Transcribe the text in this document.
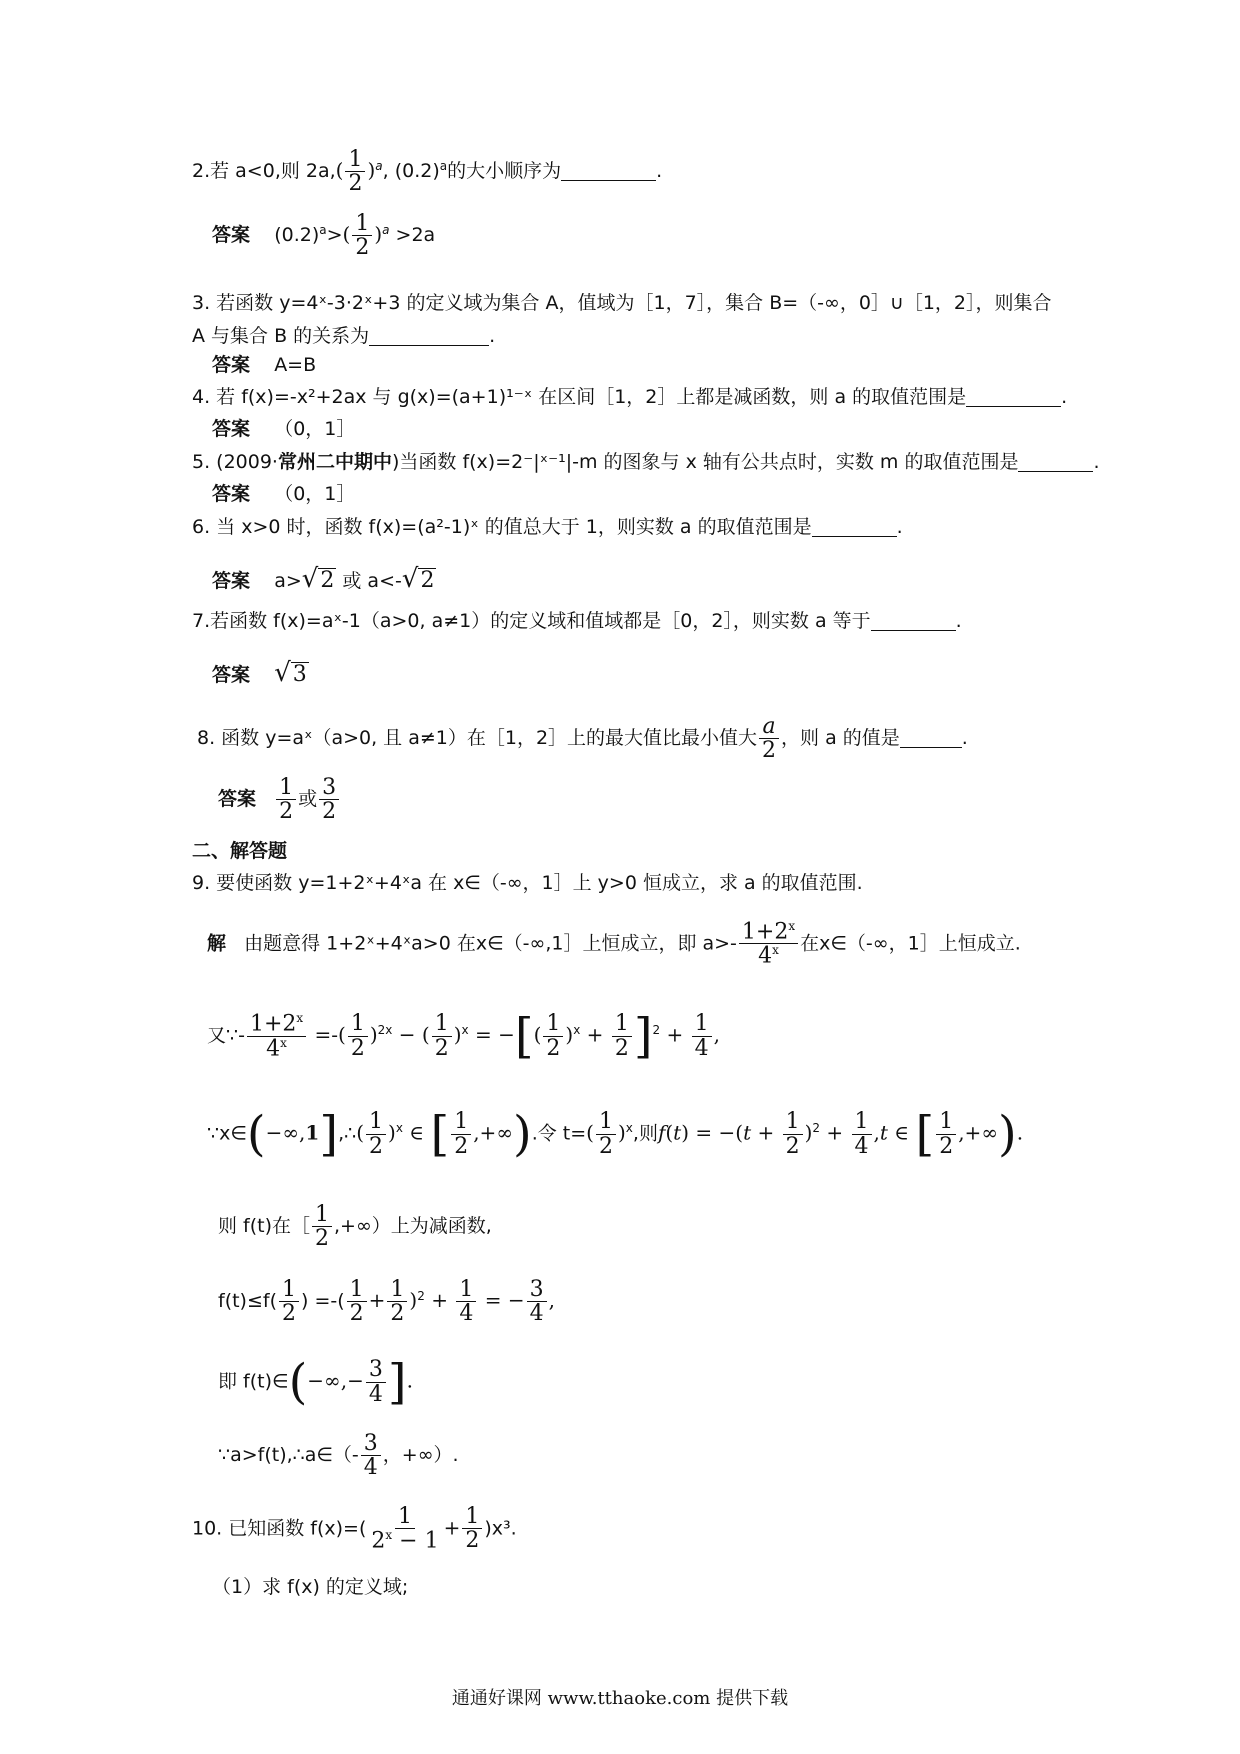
2.若 a<0,则 $2a,( \frac{1}{2} )^a$, $(0.2)^a$的大小顺序为	.
答案 $(0.2)^a>( \frac{1}{2} )^a >2a$
3. 若函数 y=4ˣ-3·2ˣ+3 的定义域为集合 A，值域为［1，7］，集合 B=（-∞，0］∪［1，2］，则集合 A 与集合 B 的关系为	.
答案 A=B
4. 若 f(x)=-x²+2ax 与 g(x)=(a+1)¹⁻ˣ 在区间［1，2］上都是减函数，则 a 的取值范围是	.
答案 （0，1］
5. (2009·常州二中期中)当函数 f(x)=2⁻|ˣ⁻¹|-m 的图象与 x 轴有公共点时，实数 m 的取值范围是	.
答案 （0，1］
6. 当 x>0 时，函数 f(x)=(a²-1)ˣ 的值总大于 1，则实数 a 的取值范围是	.
答案 a>√2 或 a<-√2
7.若函数 f(x)=aˣ-1（a>0, a≠1）的定义域和值域都是［0，2］，则实数 a 等于	.
答案 √3
8. 函数 y=aˣ（a>0, 且 a≠1）在［1，2］上的最大值比最小值大 $\frac{a}{2}$ ，则 a 的值是	.
答案 $\frac{1}{2}$ 或 $\frac{3}{2}$
二、解答题
9. 要使函数 y=1+2ˣ+4ˣa 在 x∈（-∞，1］上 y>0 恒成立，求 a 的取值范围.
解 由题意得 1+2ˣ+4ˣa>0 在x∈（-∞,1］上恒成立，即 $a>- \frac{1+2^x}{4^x}$ 在x∈（-∞，1］上恒成立.
又∵- $\frac{1+2^x}{4^x}$ =-( $\frac{1}{2} )^{2x}$ − ( $\frac{1}{2} )^x$ = −[( $\frac{1}{2} )^x + \frac{1}{2} ]^2 + \frac{1}{4}$ ,
∵x∈(−∞,1],∴( $\frac{1}{2} )^x$ ∈ [ $\frac{1}{2}$ ,+∞).令 $t=( \frac{1}{2} )^x$,则$f(t) = -(t + \frac{1}{2} )^2 + \frac{1}{4} ,t$ ∈ [ $\frac{1}{2}$ ,+∞).
则 f(t)在［ $\frac{1}{2}$ ,+∞）上为减函数,
$f(t)\le f( \frac{1}{2}$ ) =-( $\frac{1}{2} + \frac{1}{2} )^2 + \frac{1}{4}$ = − $\frac{3}{4}$ ,
即 f(t)∈(−∞,− $\frac{3}{4}$ ].
∵a>f(t),∴a∈（- $\frac{3}{4}$ ，+∞）.
10. 已知函数 $f(x)=( \frac{1}{2^x - 1} + \frac{1}{2} )x^3$.
（1）求 f(x) 的定义域;
通通好课网 www.tthaoke.com 提供下载
